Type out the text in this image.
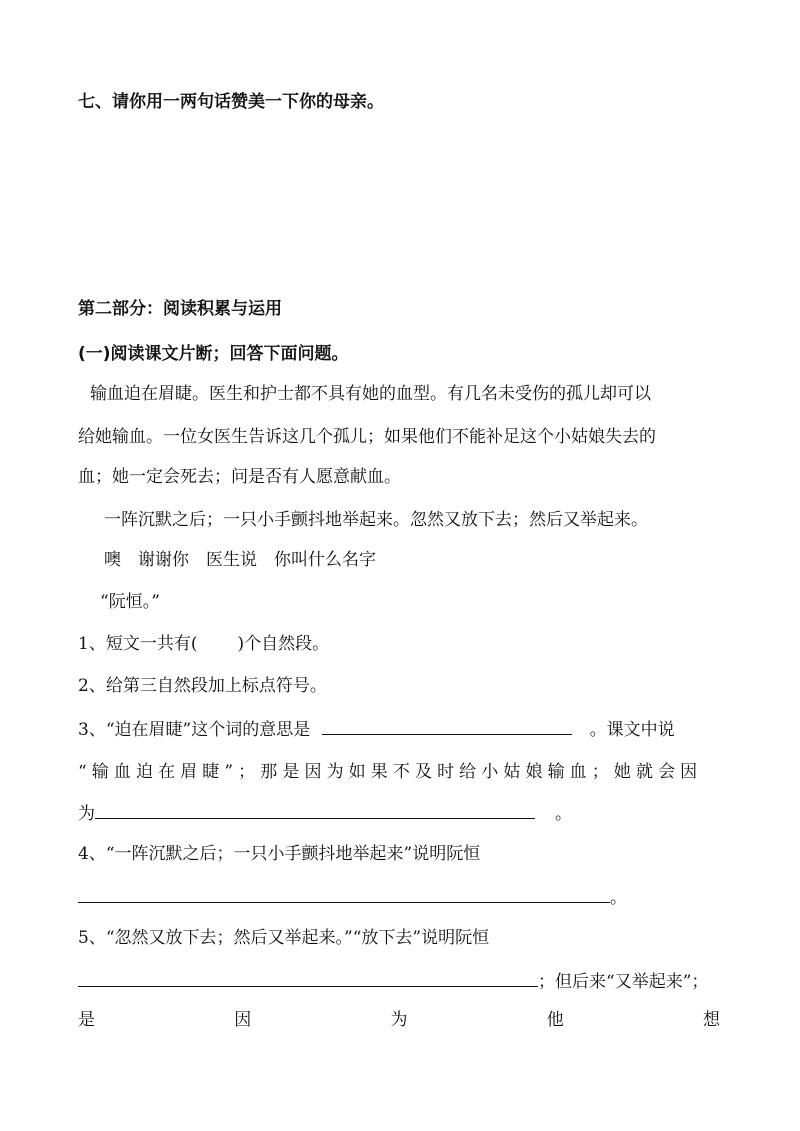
七、请你用一两句话赞美一下你的母亲。
第二部分：阅读积累与运用
(一)阅读课文片断；回答下面问题。
输血迫在眉睫。医生和护士都不具有她的血型。有几名未受伤的孤儿却可以
给她输血。一位女医生告诉这几个孤儿；如果他们不能补足这个小姑娘失去的
血；她一定会死去；问是否有人愿意献血。
一阵沉默之后；一只小手颤抖地举起来。忽然又放下去；然后又举起来。
噢　谢谢你　医生说　你叫什么名字
“阮恒。”
1、短文一共有( )个自然段。
2、给第三自然段加上标点符号。
3、“迫在眉睫”这个词的意思是	。课文中说
“输血迫在眉睫”；那是因为如果不及时给小姑娘输血；她就会因
为	。
4、“一阵沉默之后；一只小手颤抖地举起来”说明阮恒
。
5、“忽然又放下去；然后又举起来。”“放下去”说明阮恒
；但后来“又举起来”；
是	因	为	他	想
